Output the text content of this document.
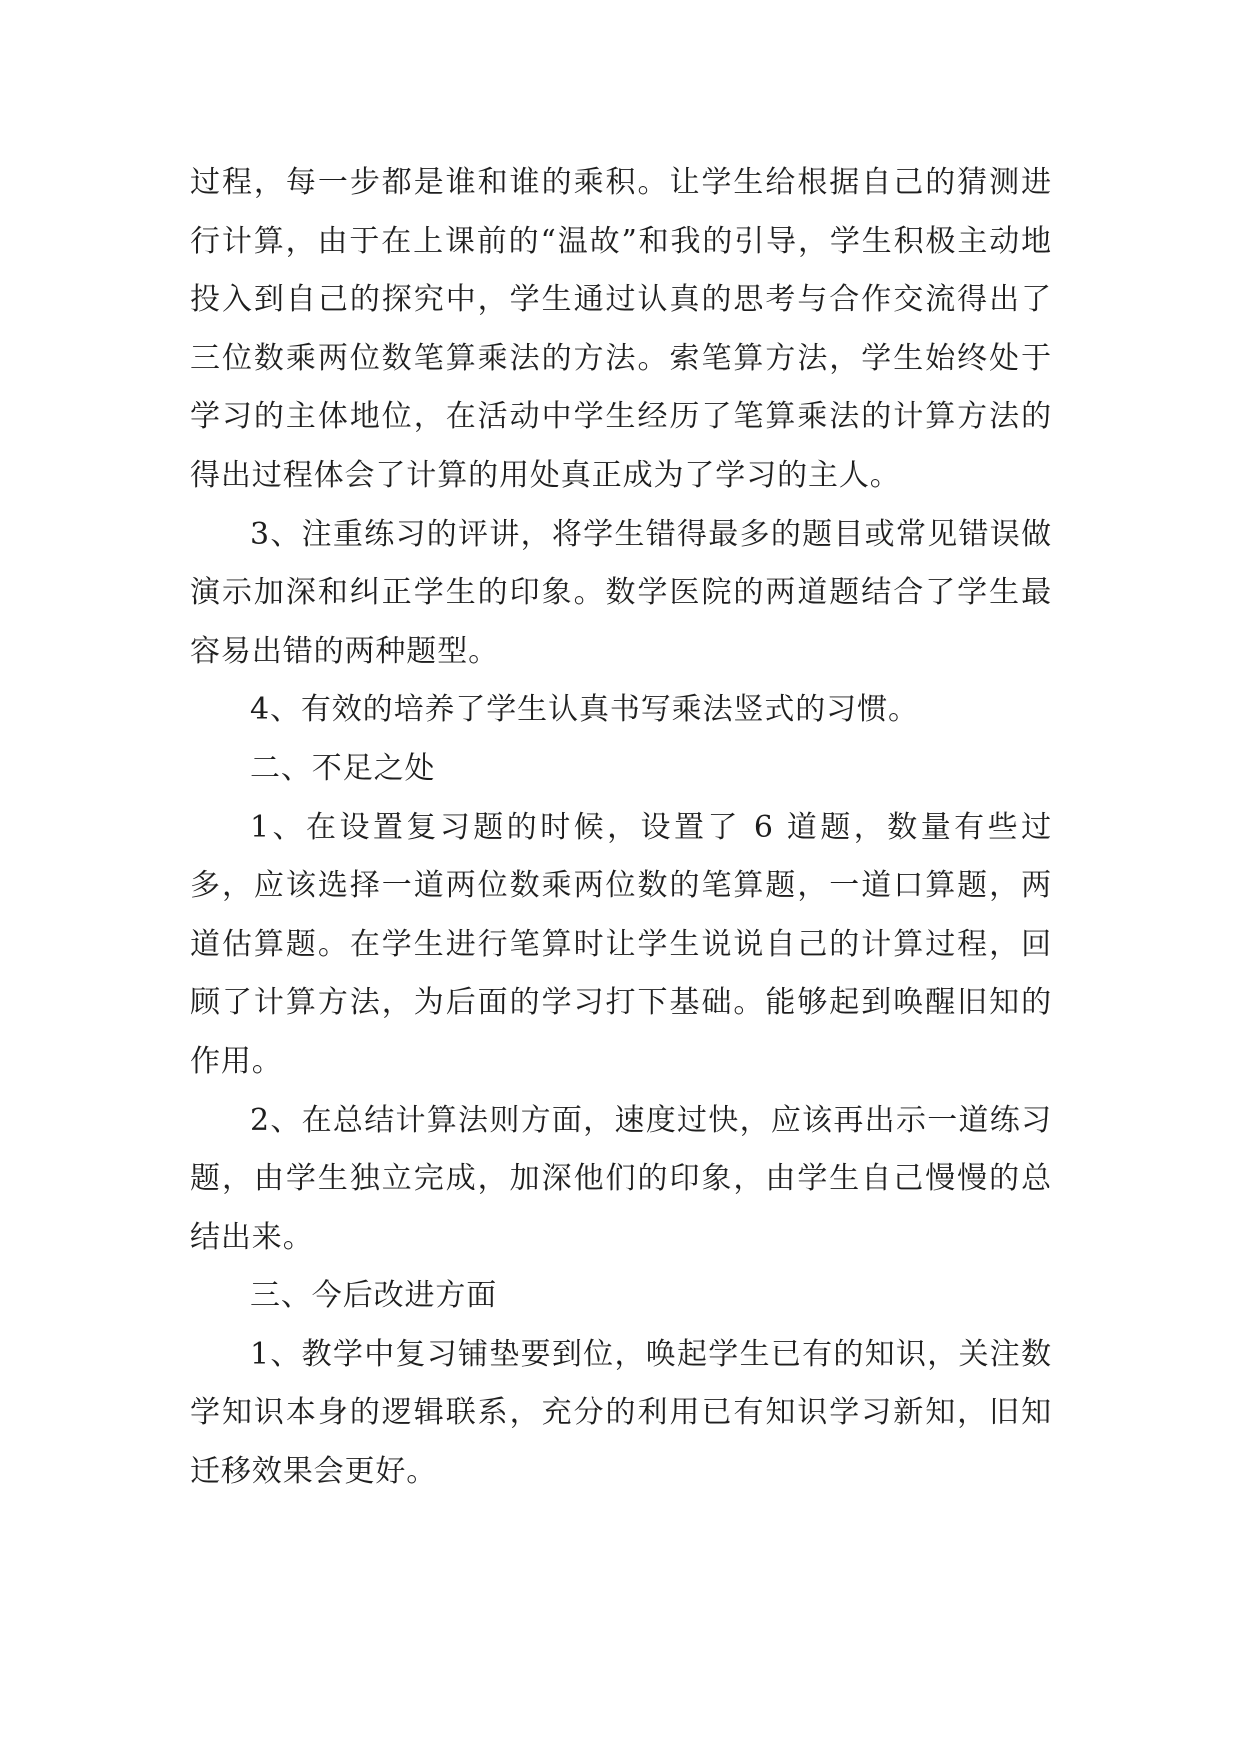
过程，每一步都是谁和谁的乘积。让学生给根据自己的猜测进行计算，由于在上课前的“温故”和我的引导，学生积极主动地投入到自己的探究中，学生通过认真的思考与合作交流得出了三位数乘两位数笔算乘法的方法。索笔算方法，学生始终处于学习的主体地位，在活动中学生经历了笔算乘法的计算方法的得出过程体会了计算的用处真正成为了学习的主人。

3、注重练习的评讲，将学生错得最多的题目或常见错误做演示加深和纠正学生的印象。数学医院的两道题结合了学生最容易出错的两种题型。

4、有效的培养了学生认真书写乘法竖式的习惯。

二、不足之处

1、在设置复习题的时候，设置了 6 道题，数量有些过多，应该选择一道两位数乘两位数的笔算题，一道口算题，两道估算题。在学生进行笔算时让学生说说自己的计算过程，回顾了计算方法，为后面的学习打下基础。能够起到唤醒旧知的作用。

2、在总结计算法则方面，速度过快，应该再出示一道练习题，由学生独立完成，加深他们的印象，由学生自己慢慢的总结出来。

三、今后改进方面

1、教学中复习铺垫要到位，唤起学生已有的知识，关注数学知识本身的逻辑联系，充分的利用已有知识学习新知，旧知迁移效果会更好。
